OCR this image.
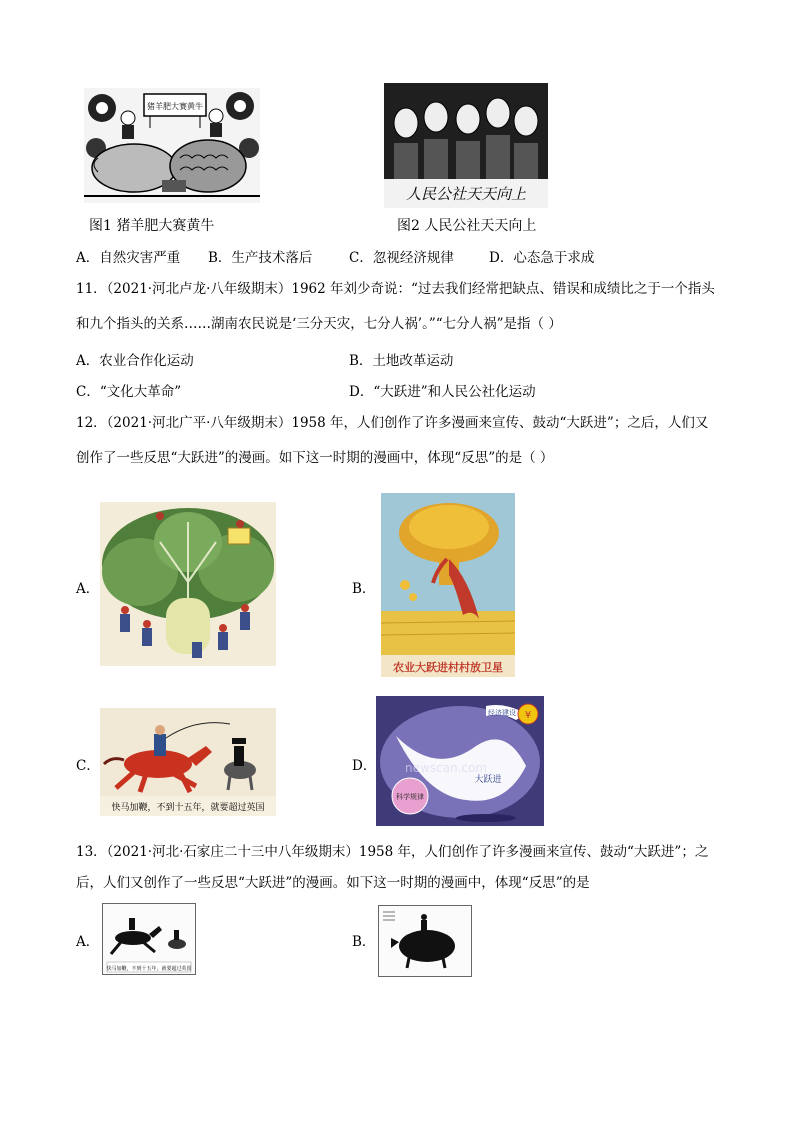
猪羊肥大赛黄牛
图1 猪羊肥大赛黄牛
人民公社天天向上
图2 人民公社天天向上
A．自然灾害严重 B．生产技术落后	C．忽视经济规律	D．心态急于求成
11．（2021·河北卢龙·八年级期末）1962 年刘少奇说：“过去我们经常把缺点、错误和成绩比之于一个指头
和九个指头的关系……湖南农民说是‘三分天灾，七分人祸’。”“七分人祸”是指（ ）
A．农业合作化运动	B．土地改革运动
C．“文化大革命”	D．“大跃进”和人民公社化运动
12．（2021·河北广平·八年级期末）1958 年，人们创作了许多漫画来宣传、鼓动“大跃进”；之后，人们又
创作了一些反思“大跃进”的漫画。如下这一时期的漫画中，体现“反思”的是（ ）
A．	B．
农业大跃进村村放卫星
C．
快马加鞭，不到十五年，就要超过英国
D．
经济建设 ¥
newscan.com
大跃进
科学规律
13．（2021·河北·石家庄二十三中八年级期末）1958 年，人们创作了许多漫画来宣传、鼓动“大跃进”；之
后，人们又创作了一些反思“大跃进”的漫画。如下这一时期的漫画中，体现“反思”的是
A．
快马加鞭，不到十五年，就要超过英国
B．
